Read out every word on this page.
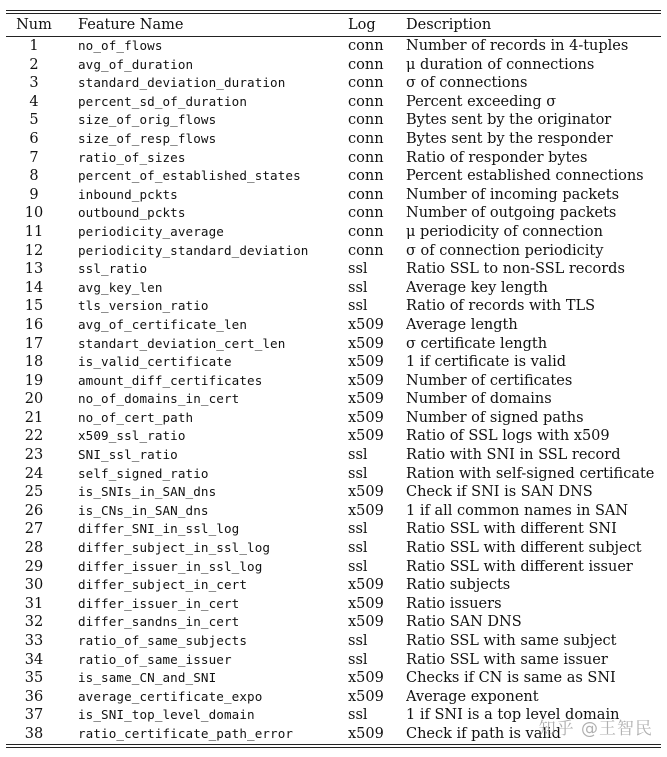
Num	Feature Name	Log	Description
1	no_of_flows	conn	Number of records in 4-tuples
2	avg_of_duration	conn	μ duration of connections
3	standard_deviation_duration	conn	σ of connections
4	percent_sd_of_duration	conn	Percent exceeding σ
5	size_of_orig_flows	conn	Bytes sent by the originator
6	size_of_resp_flows	conn	Bytes sent by the responder
7	ratio_of_sizes	conn	Ratio of responder bytes
8	percent_of_established_states	conn	Percent established connections
9	inbound_pckts	conn	Number of incoming packets
10	outbound_pckts	conn	Number of outgoing packets
11	periodicity_average	conn	μ periodicity of connection
12	periodicity_standard_deviation	conn	σ of connection periodicity
13	ssl_ratio	ssl	Ratio SSL to non-SSL records
14	avg_key_len	ssl	Average key length
15	tls_version_ratio	ssl	Ratio of records with TLS
16	avg_of_certificate_len	x509	Average length
17	standart_deviation_cert_len	x509	σ certificate length
18	is_valid_certificate	x509	1 if certificate is valid
19	amount_diff_certificates	x509	Number of certificates
20	no_of_domains_in_cert	x509	Number of domains
21	no_of_cert_path	x509	Number of signed paths
22	x509_ssl_ratio	x509	Ratio of SSL logs with x509
23	SNI_ssl_ratio	ssl	Ratio with SNI in SSL record
24	self_signed_ratio	ssl	Ration with self-signed certificate
25	is_SNIs_in_SAN_dns	x509	Check if SNI is SAN DNS
26	is_CNs_in_SAN_dns	x509	1 if all common names in SAN
27	differ_SNI_in_ssl_log	ssl	Ratio SSL with different SNI
28	differ_subject_in_ssl_log	ssl	Ratio SSL with different subject
29	differ_issuer_in_ssl_log	ssl	Ratio SSL with different issuer
30	differ_subject_in_cert	x509	Ratio subjects
31	differ_issuer_in_cert	x509	Ratio issuers
32	differ_sandns_in_cert	x509	Ratio SAN DNS
33	ratio_of_same_subjects	ssl	Ratio SSL with same subject
34	ratio_of_same_issuer	ssl	Ratio SSL with same issuer
35	is_same_CN_and_SNI	x509	Checks if CN is same as SNI
36	average_certificate_expo	x509	Average exponent
37	is_SNI_top_level_domain	ssl	1 if SNI is a top level domain
38	ratio_certificate_path_error	x509	Check if path is valid
知乎 @王智民
